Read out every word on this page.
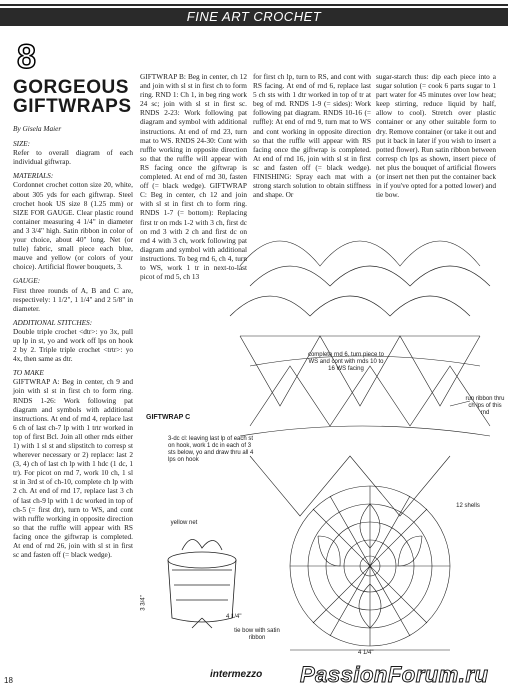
FINE ART CROCHET
8
GORGEOUS
GIFTWRAPS
By Gisela Maier
SIZE:

Refer to overall diagram of each individual giftwrap.

MATERIALS:

Cordonnet crochet cotton size 20, white, about 305 yds for each giftwrap. Steel crochet hook US size 8 (1.25 mm) or SIZE FOR GAUGE. Clear plastic round container measuring 4 1/4" in diameter and 3 3/4" high. Satin ribbon in color of your choice, about 40" long. Net (or tulle) fabric, small piece each blue, mauve and yellow (or colors of your choice). Artificial flower bouquets, 3.

GAUGE:

First three rounds of A, B and C are, respectively: 1 1/2", 1 1/4" and 2 5/8" in diameter.

ADDITIONAL STITCHES:

Double triple crochet <dtr>: yo 3x, pull up lp in st, yo and work off lps on hook 2 by 2. Triple triple crochet <trtr>: yo 4x, then same as dtr.

TO MAKE

GIFTWRAP A: Beg in center, ch 9 and join with sl st in first ch to form ring. RNDS 1-26: Work following pat diagram and symbols with additional instructions. At end of rnd 4, replace last 6 ch of last ch-7 lp with 1 trtr worked in top of first Bcl. Join all other rnds either 1) with 1 sl st and slipstitch to corresp st wherever necessary or 2) replace: last 2 (3, 4) ch of last ch lp with 1 hdc (1 dc, 1 tr). For picot on rnd 7, work 10 ch, 1 sl st in 3rd st of ch-10, complete ch lp with 2 ch. At end of rnd 17, replace last 3 ch of last ch-9 lp with 1 dc worked in top of ch-5 (= first dtr), turn to WS, and cont with ruffle working in opposite direction so that the ruffle will appear with RS facing once the giftwrap is completed. At end of rnd 26, join with sl st in first sc and fasten off (= black wedge).

GIFTWRAP B: Beg in center, ch 12 and join with sl st in first ch to form ring. RND 1: Ch 1, in beg ring work 24 sc; join with sl st in first sc. RNDS 2-23: Work following pat diagram and symbol with additional instructions. At end of rnd 23, turn mat to WS. RNDS 24-30: Cont with ruffle working in opposite direction so that the ruffle will appear with RS facing once the giftwrap is completed. At end of rnd 30, fasten off (= black wedge). GIFTWRAP C: Beg in center, ch 12 and join with sl st in first ch to form ring. RNDS 1-7 (= bottom): Replacing first tr on rnds 1-2 with 3 ch, first dc on rnd 3 with 2 ch and first dc on rnd 4 with 3 ch, work following pat diagram and symbol with additional instructions. To beg rnd 6, ch 4, turn to WS, work 1 tr in next-to-last picot of rnd 5, ch 13

for first ch lp, turn to RS, and cont with RS facing. At end of rnd 6, replace last 5 ch sts with 1 dtr worked in top of tr at beg of rnd. RNDS 1-9 (= sides): Work following pat diagram. RNDS 10-16 (= ruffle): At end of rnd 9, turn mat to WS and cont working in opposite direction so that the ruffle will appear with RS facing once the giftwrap is completed. At end of rnd 16, join with sl st in first sc and fasten off (= black wedge). FINISHING: Spray each mat with a strong starch solution to obtain stiffness and shape. Or

sugar-starch thus: dip each piece into a sugar solution (= cook 6 parts sugar to 1 part water for 45 minutes over low heat; keep stirring, reduce liquid by half, allow to cool). Stretch over plastic container or any other suitable form to dry. Remove container (or take it out and put it back in later if you wish to insert a potted flower). Run satin ribbon between corresp ch lps as shown, insert piece of net plus the bouquet of artificial flowers (or insert net then put the container back in if you've opted for a potted lower) and tie bow.

GIFTWRAP C
3-dc cl: leaving last lp of each st on hook, work 1 dc in each of 3 sts below, yo and draw thru all 4 lps on hook
complete rnd 6, turn piece to WS and cont with rnds 10 to 16 WS facing
run ribbon thru ch lps of this rnd
12 shells
yellow net
3 3/4"
4 1/4"
tie bow with satin ribbon
4 1/4"
18
intermezzo PassionForum.ru
